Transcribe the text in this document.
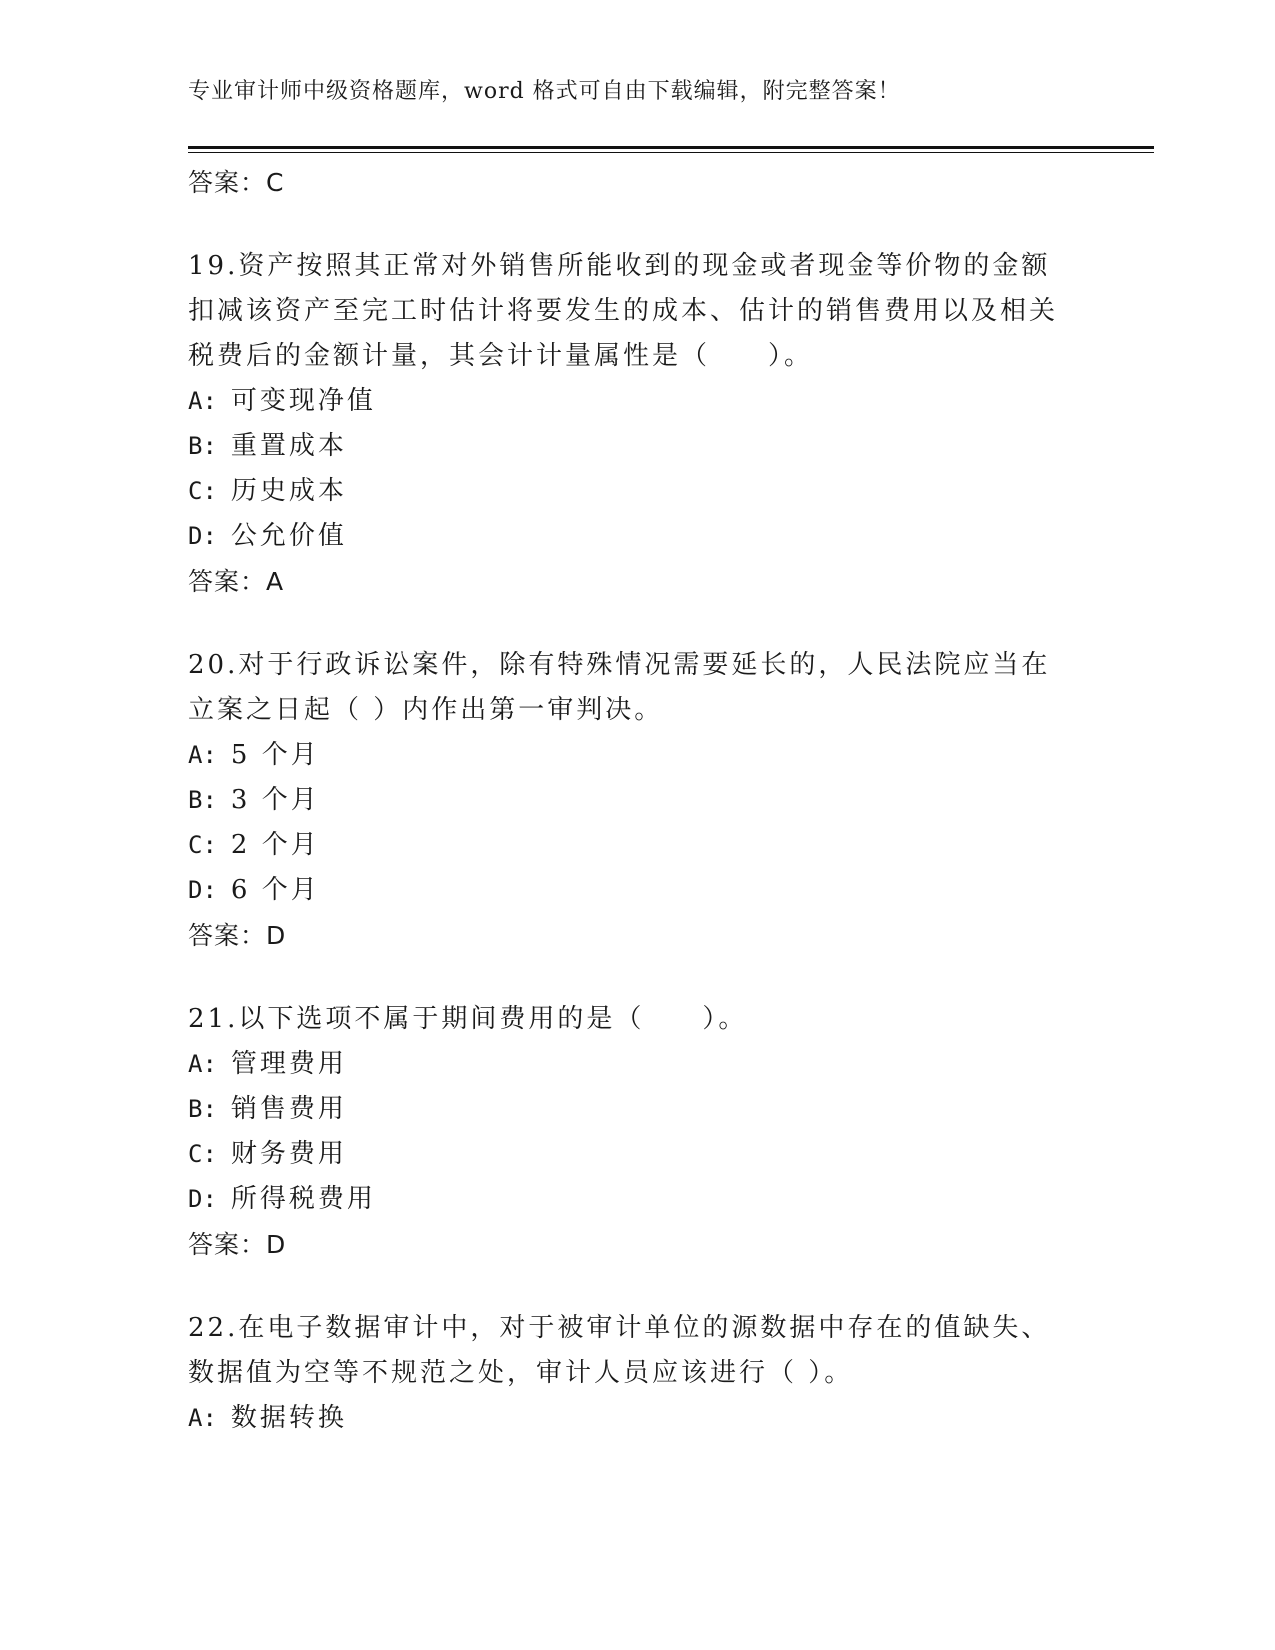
专业审计师中级资格题库，word 格式可自由下载编辑，附完整答案！
答案：C
19.资产按照其正常对外销售所能收到的现金或者现金等价物的金额扣减该资产至完工时估计将要发生的成本、估计的销售费用以及相关税费后的金额计量，其会计计量属性是（　　）。
A: 可变现净值
B: 重置成本
C: 历史成本
D: 公允价值
答案：A
20.对于行政诉讼案件，除有特殊情况需要延长的，人民法院应当在立案之日起（ ）内作出第一审判决。
A: 5 个月
B: 3 个月
C: 2 个月
D: 6 个月
答案：D
21.以下选项不属于期间费用的是（　　）。
A: 管理费用
B: 销售费用
C: 财务费用
D: 所得税费用
答案：D
22.在电子数据审计中，对于被审计单位的源数据中存在的值缺失、数据值为空等不规范之处，审计人员应该进行（ ）。
A: 数据转换
